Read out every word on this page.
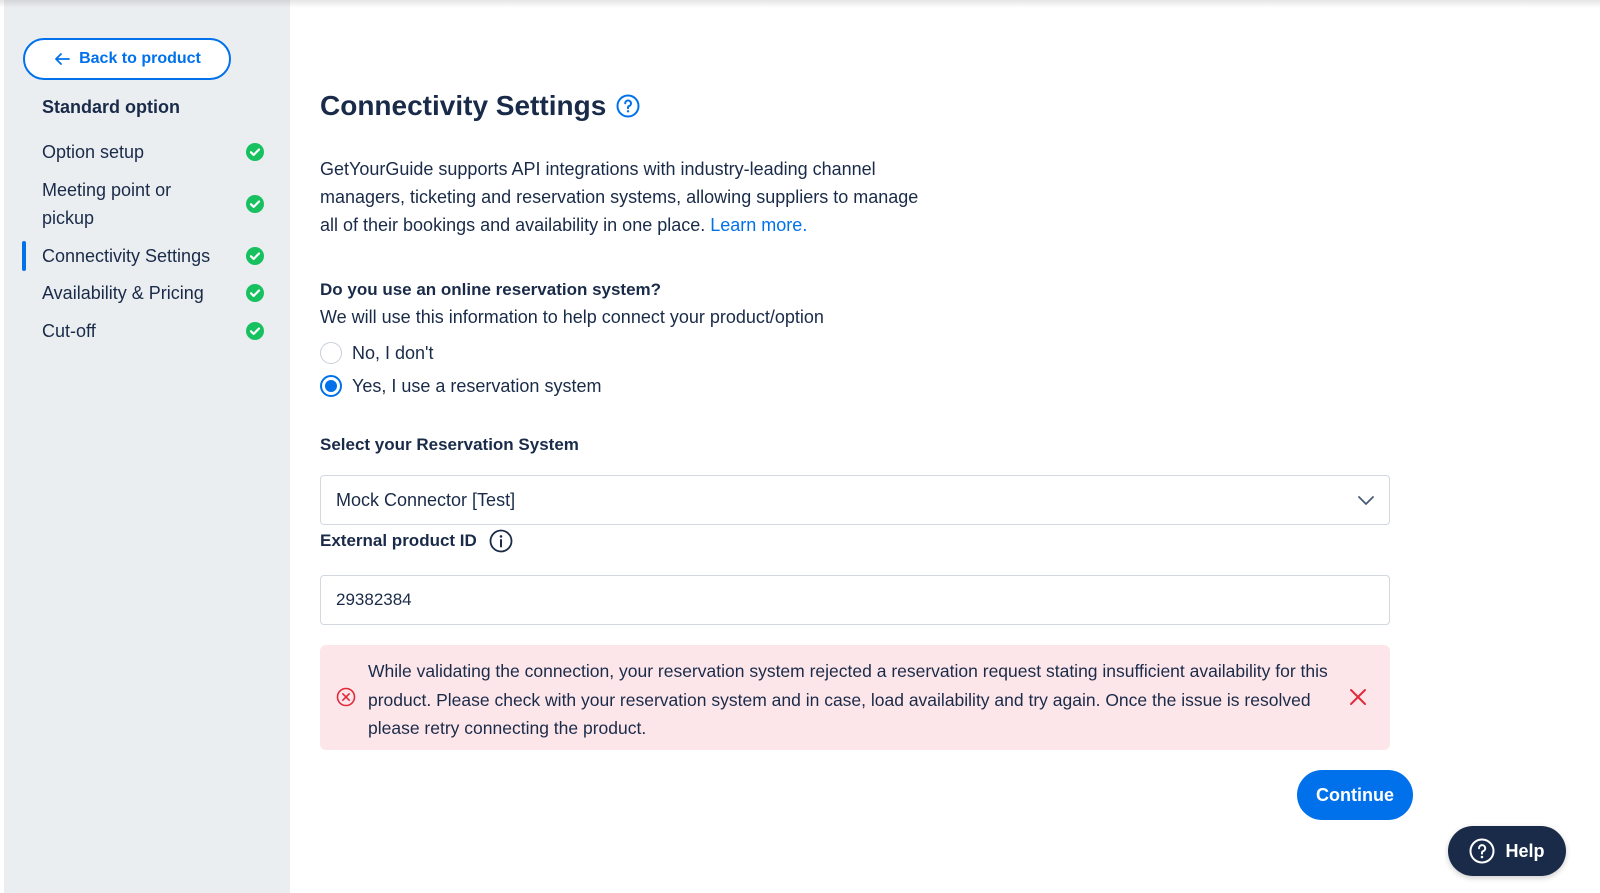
Back to product
Standard option
Option setup
Meeting point or pickup
Connectivity Settings
Availability & Pricing
Cut-off
Connectivity Settings

GetYourGuide supports API integrations with industry-leading channel managers, ticketing and reservation systems, allowing suppliers to manage all of their bookings and availability in one place. Learn more.

Do you use an online reservation system?
We will use this information to help connect your product/option
No, I don't
Yes, I use a reservation system
Select your Reservation System
Mock Connector [Test]
External product ID
29382384
While validating the connection, your reservation system rejected a reservation request stating insufficient availability for this product. Please check with your reservation system and in case, load availability and try again. Once the issue is resolved please retry connecting the product.
Continue
Help
